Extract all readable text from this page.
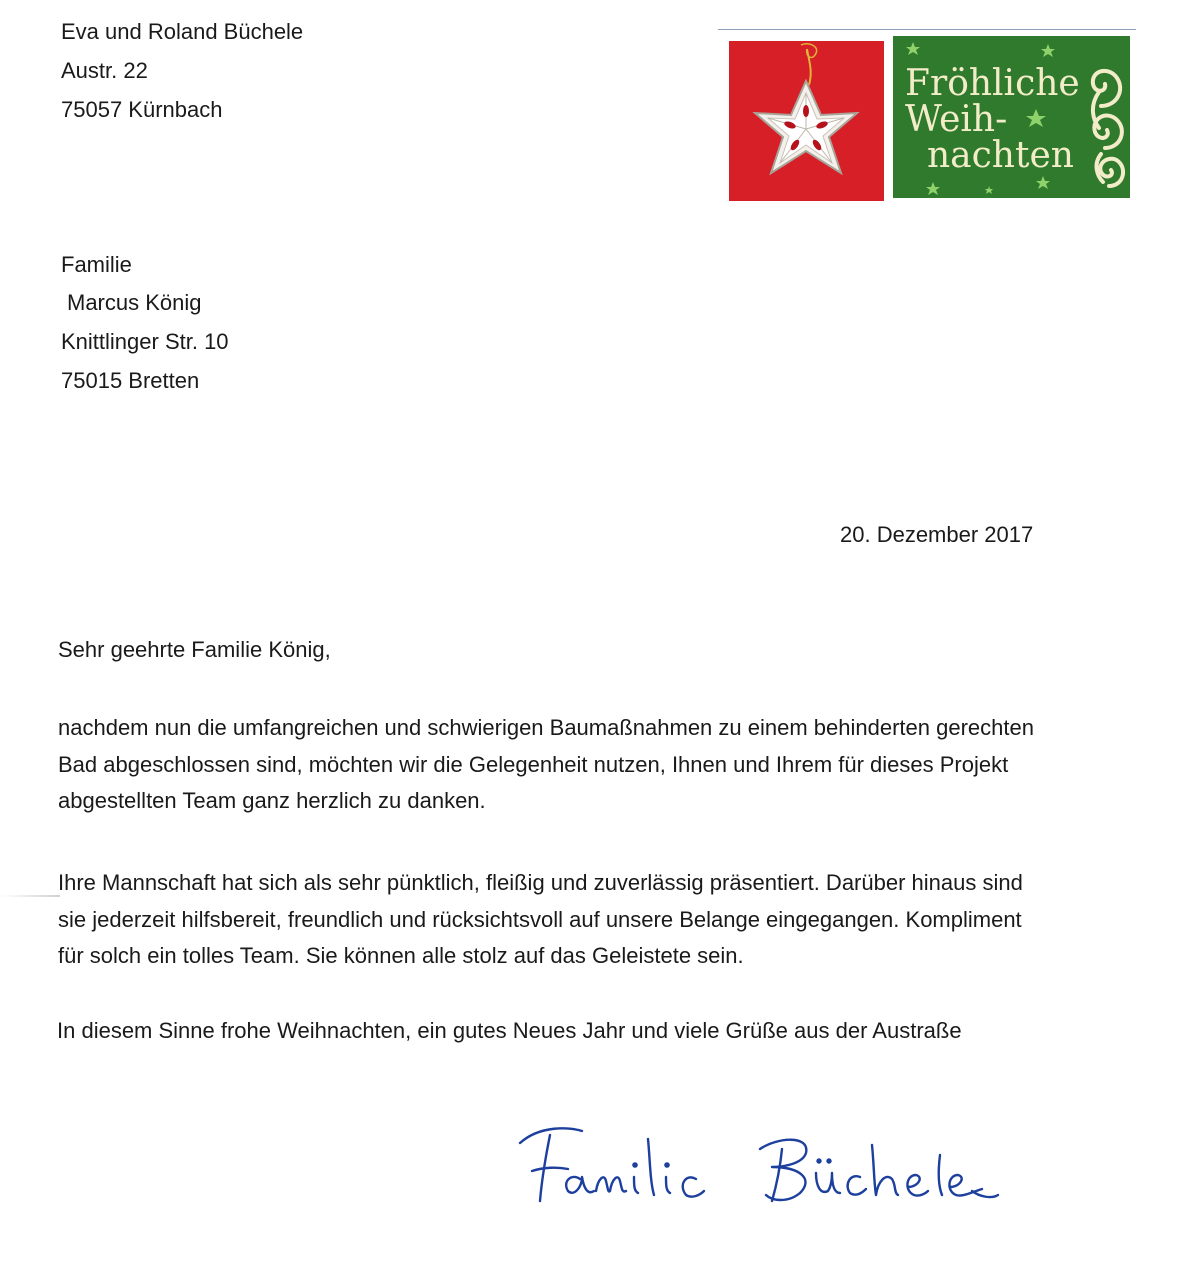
Eva und Roland Büchele
Austr. 22
75057 Kürnbach
Fröhliche
Weih-
nachten
Familie
Marcus König
Knittlinger Str. 10
75015 Bretten
20. Dezember 2017
Sehr geehrte Familie König,
nachdem nun die umfangreichen und schwierigen Baumaßnahmen zu einem behinderten gerechten
Bad abgeschlossen sind, möchten wir die Gelegenheit nutzen, Ihnen und Ihrem für dieses Projekt
abgestellten Team ganz herzlich zu danken.
Ihre Mannschaft hat sich als sehr pünktlich, fleißig und zuverlässig präsentiert. Darüber hinaus sind
sie jederzeit hilfsbereit, freundlich und rücksichtsvoll auf unsere Belange eingegangen. Kompliment
für solch ein tolles Team. Sie können alle stolz auf das Geleistete sein.
In diesem Sinne frohe Weihnachten, ein gutes Neues Jahr und viele Grüße aus der Austraße
